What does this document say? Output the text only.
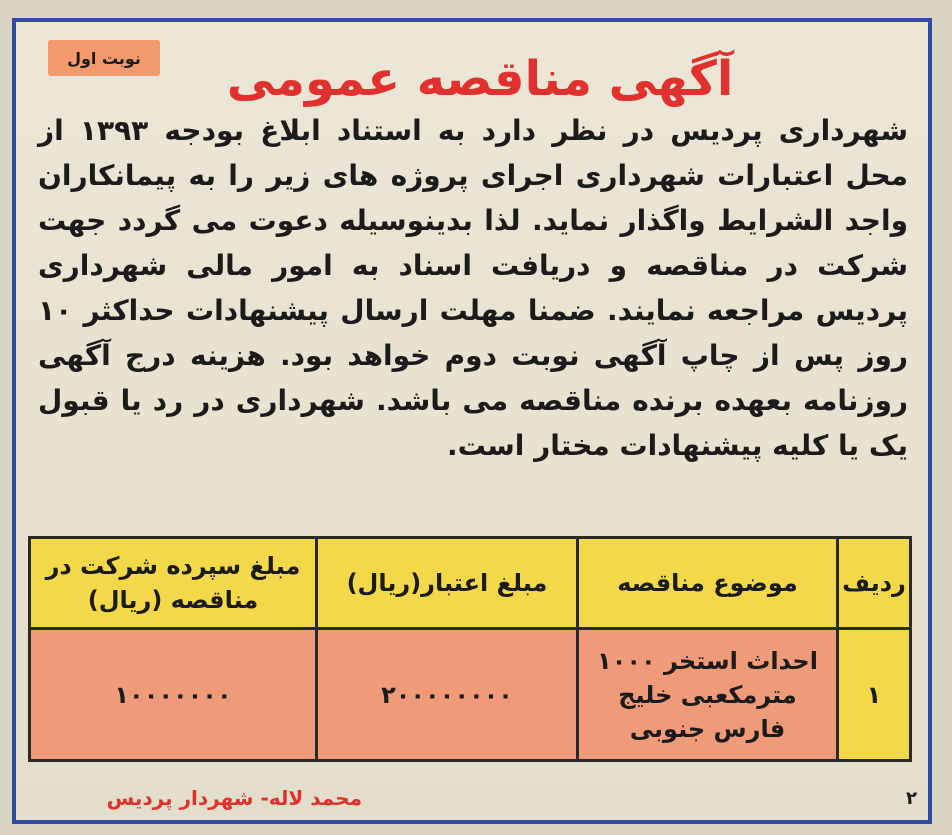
نوبت اول	آگهی مناقصه عمومی
شهرداری پردیس در نظر دارد به استناد ابلاغ بودجه ۱۳۹۳ از محل اعتبارات شهرداری اجرای پروژه های زیر را به پیمانکاران واجد الشرایط واگذار نماید. لذا بدینوسیله دعوت می گردد جهت شرکت در مناقصه و دریافت اسناد به امور مالی شهرداری پردیس مراجعه نمایند. ضمنا مهلت ارسال پیشنهادات حداکثر ۱۰ روز پس از چاپ آگهی نوبت دوم خواهد بود. هزینه درج آگهی روزنامه بعهده برنده مناقصه می باشد. شهرداری در رد یا قبول یک یا کلیه پیشنهادات مختار است.
ردیف	موضوع مناقصه	مبلغ اعتبار(ریال)	مبلغ سپرده شرکت در مناقصه (ریال)
۱	احداث استخر ۱۰۰۰ مترمکعبی خلیج فارس جنوبی	۲۰۰۰۰۰۰۰۰	۱۰۰۰۰۰۰۰
محمد لاله- شهردار پردیس	۲
